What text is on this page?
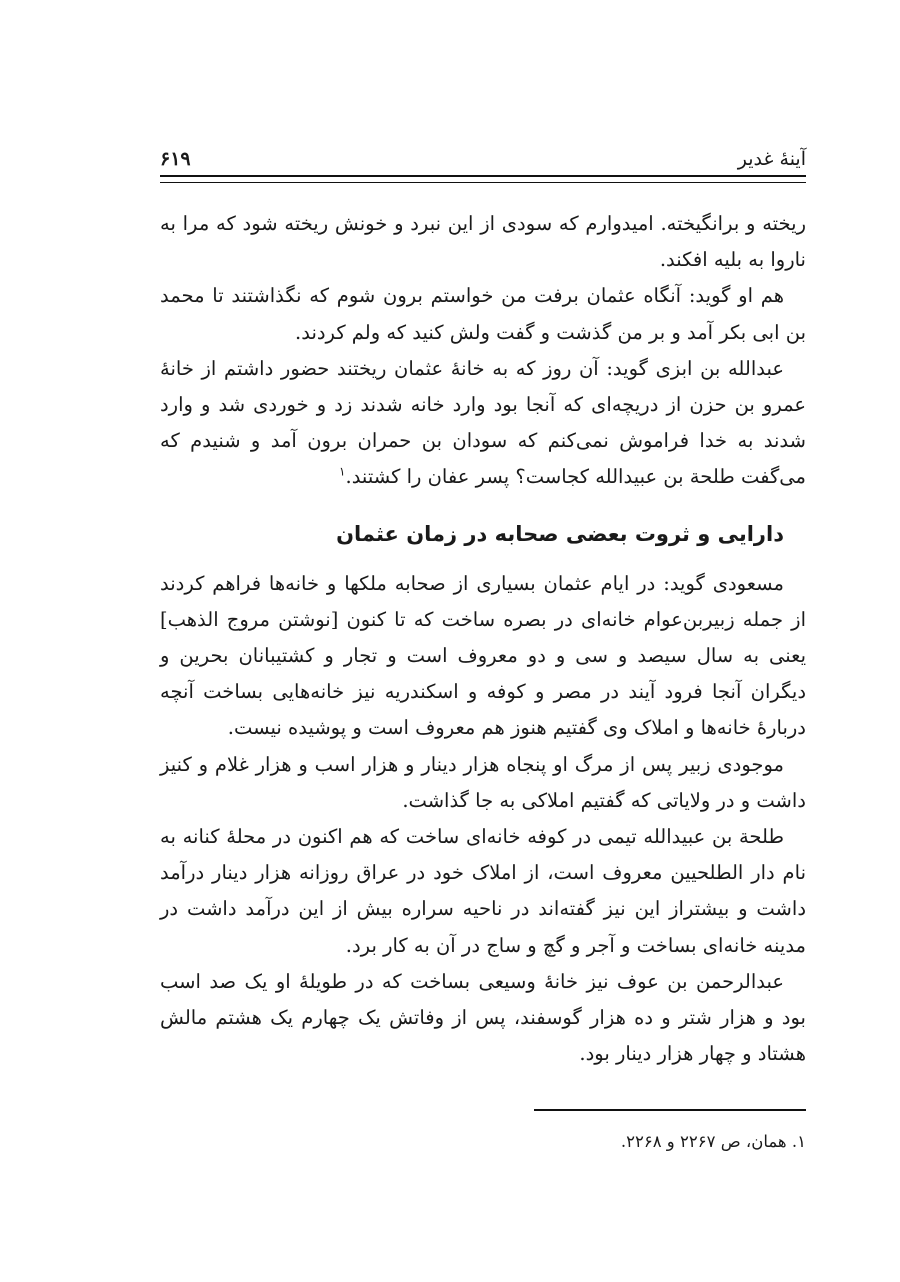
آینهٔ غدیر
۶۱۹

ریخته و برانگیخته. امیدوارم که سودی از این نبرد و خونش ریخته شود که مرا به ناروا به بلیه افکند.

هم او گوید: آنگاه عثمان برفت من خواستم برون شوم که نگذاشتند تا محمد بن ابی بکر آمد و بر من گذشت و گفت ولش کنید که ولم کردند.

عبدالله بن ابزی گوید: آن روز که به خانهٔ عثمان ریختند حضور داشتم از خانهٔ عمرو بن حزن از دریچه‌ای که آنجا بود وارد خانه شدند زد و خوردی شد و وارد شدند به خدا فراموش نمی‌کنم که سودان بن حمران برون آمد و شنیدم که می‌گفت طلحة بن عبیدالله کجاست؟ پسر عفان را کشتند.$^۱$

دارایی و ثروت بعضی صحابه در زمان عثمان

مسعودی گوید: در ایام عثمان بسیاری از صحابه ملکها و خانه‌ها فراهم کردند از جمله زبیربن‌عوام خانه‌ای در بصره ساخت که تا کنون [نوشتن مروج الذهب] یعنی به سال سیصد و سی و دو معروف است و تجار و کشتیبانان بحرین و دیگران آنجا فرود آیند در مصر و کوفه و اسکندریه نیز خانه‌هایی بساخت آنچه دربارهٔ خانه‌ها و املاک وی گفتیم هنوز هم معروف است و پوشیده نیست.

موجودی زبیر پس از مرگ او پنجاه هزار دینار و هزار اسب و هزار غلام و کنیز داشت و در ولایاتی که گفتیم املاکی به جا گذاشت.

طلحة بن عبیدالله تیمی در کوفه خانه‌ای ساخت که هم اکنون در محلهٔ کنانه به نام دار الطلحیین معروف است، از املاک خود در عراق روزانه هزار دینار درآمد داشت و بیشتراز این نیز گفته‌اند در ناحیه سراره بیش از این درآمد داشت در مدینه خانه‌ای بساخت و آجر و گچ و ساج در آن به کار برد.

عبدالرحمن بن عوف نیز خانهٔ وسیعی بساخت که در طویلهٔ او یک صد اسب بود و هزار شتر و ده هزار گوسفند، پس از وفاتش یک چهارم یک هشتم مالش هشتاد و چهار هزار دینار بود.

۱. همان، ص ۲۲۶۷ و ۲۲۶۸.
